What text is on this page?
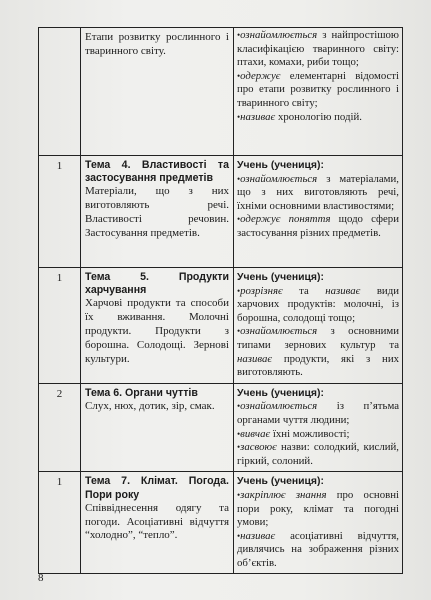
	Етапи розвитку рослинного і тваринного світу.	•ознайомлюється з найпростішою класифікацією тваринного світу: птахи, комахи, риби тощо;
•одержує елементарні відомості про етапи розвитку рослинного і тваринного світу;
•називає хронологію подій.

1	Тема 4. Властивості та застосування предметів
Матеріали, що з них виготовляють речі. Властивості речовин. Застосування предметів.	Учень (учениця):
•ознайомлюється з матеріалами, що з них виготовляють речі, їхніми основними властивостями;
•одержує поняття щодо сфери застосування різних предметів.

1	Тема 5. Продукти харчування
Харчові продукти та способи їх вживання. Молочні продукти. Продукти з борошна. Солодощі. Зернові культури.	Учень (учениця):
•розрізняє та називає види харчових продуктів: молочні, із борошна, солодощі тощо;
•ознайомлюється з основними типами зернових культур та називає продукти, які з них виготовляють.

2	Тема 6. Органи чуттів
Слух, нюх, дотик, зір, смак.	Учень (учениця):
•ознайомлюється із п’ятьма органами чуття людини;
•вивчає їхні можливості;
•засвоює назви: солодкий, кислий, гіркий, солоний.

1	Тема 7. Клімат. Погода. Пори року
Співвіднесення одягу та погоди. Асоціативні відчуття “холодно”, “тепло”.	Учень (учениця):
•закріплює знання про основні пори року, клімат та погодні умови;
•називає асоціативні відчуття, дивлячись на зображення різних об’єктів.
8
